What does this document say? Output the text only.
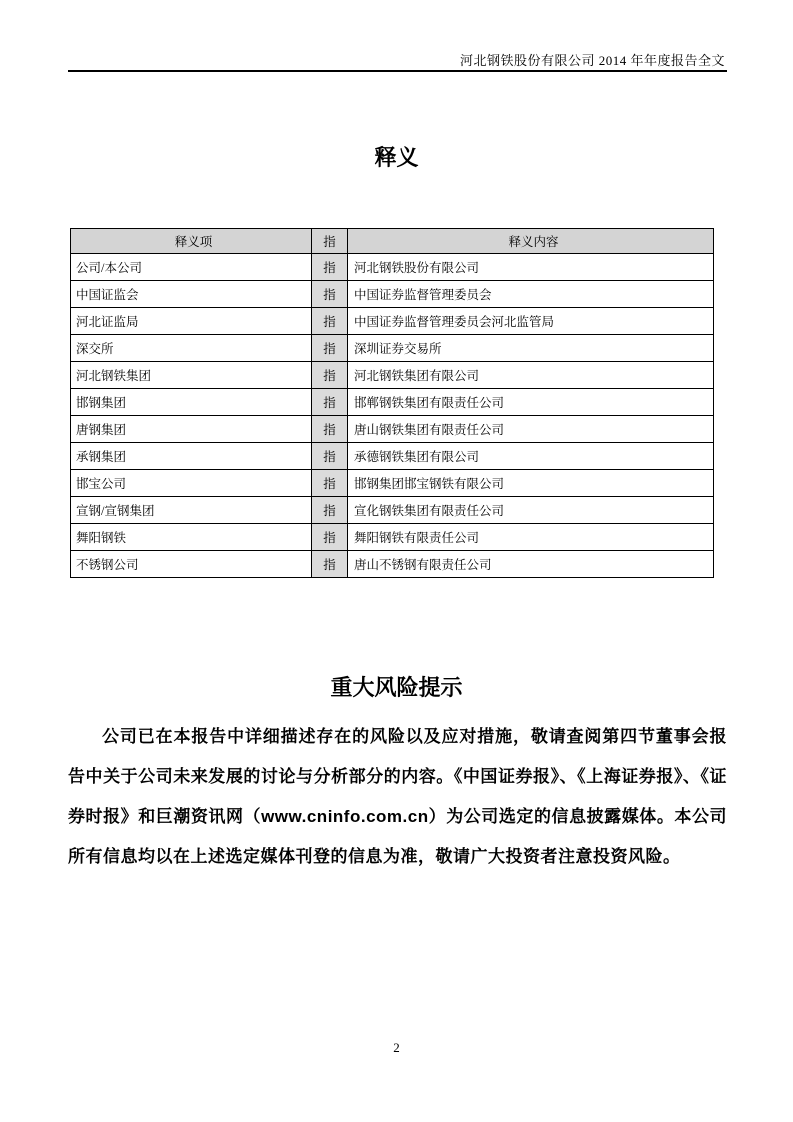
河北钢铁股份有限公司 2014 年年度报告全文
释义
释义项	指	释义内容
公司/本公司	指	河北钢铁股份有限公司
中国证监会	指	中国证券监督管理委员会
河北证监局	指	中国证券监督管理委员会河北监管局
深交所	指	深圳证券交易所
河北钢铁集团	指	河北钢铁集团有限公司
邯钢集团	指	邯郸钢铁集团有限责任公司
唐钢集团	指	唐山钢铁集团有限责任公司
承钢集团	指	承德钢铁集团有限公司
邯宝公司	指	邯钢集团邯宝钢铁有限公司
宣钢/宣钢集团	指	宣化钢铁集团有限责任公司
舞阳钢铁	指	舞阳钢铁有限责任公司
不锈钢公司	指	唐山不锈钢有限责任公司
重大风险提示

公司已在本报告中详细描述存在的风险以及应对措施，敬请查阅第四节董事会报告中关于公司未来发展的讨论与分析部分的内容。《中国证券报》、《上海证券报》、《证券时报》和巨潮资讯网（www.cninfo.com.cn）为公司选定的信息披露媒体。本公司所有信息均以在上述选定媒体刊登的信息为准，敬请广大投资者注意投资风险。

2
